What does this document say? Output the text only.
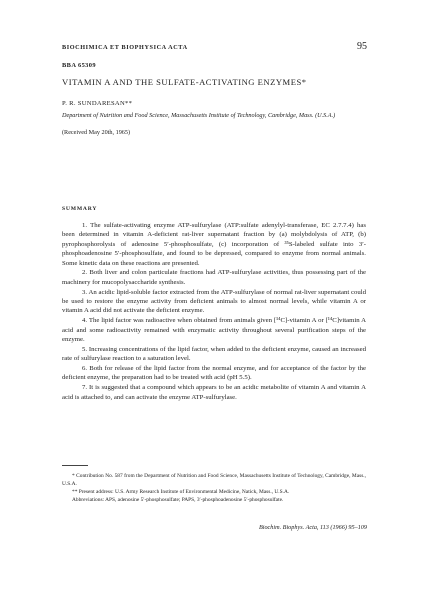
BIOCHIMICA ET BIOPHYSICA ACTA	95
BBA 65309
VITAMIN A AND THE SULFATE-ACTIVATING ENZYMES*
P. R. SUNDARESAN**
Department of Nutrition and Food Science, Massachusetts Institute of Technology, Cambridge, Mass. (U.S.A.)
(Received May 20th, 1965)
SUMMARY

1. The sulfate-activating enzyme ATP-sulfurylase (ATP:sulfate adenylyl-transferase, EC 2.7.7.4) has been determined in vitamin A-deficient rat-liver supernatant fraction by (a) molybdolysis of ATP, (b) pyrophosphorolysis of adenosine 5′-phosphosulfate, (c) incorporation of ³⁵S-labeled sulfate into 3′-phosphoadenosine 5′-phosphosulfate, and found to be depressed, compared to enzyme from normal animals. Some kinetic data on these reactions are presented.

2. Both liver and colon particulate fractions had ATP-sulfurylase activities, thus possessing part of the machinery for mucopolysaccharide synthesis.

3. An acidic lipid-soluble factor extracted from the ATP-sulfurylase of normal rat-liver supernatant could be used to restore the enzyme activity from deficient animals to almost normal levels, while vitamin A or vitamin A acid did not activate the deficient enzyme.

4. The lipid factor was radioactive when obtained from animals given [¹⁴C]-vitamin A or [¹⁴C]vitamin A acid and some radioactivity remained with enzymatic activity throughout several purification steps of the enzyme.

5. Increasing concentrations of the lipid factor, when added to the deficient enzyme, caused an increased rate of sulfurylase reaction to a saturation level.

6. Both for release of the lipid factor from the normal enzyme, and for acceptance of the factor by the deficient enzyme, the preparation had to be treated with acid (pH 5.5).

7. It is suggested that a compound which appears to be an acidic metabolite of vitamin A and vitamin A acid is attached to, and can activate the enzyme ATP-sulfurylase.

* Contribution No. 587 from the Department of Nutrition and Food Science, Massachusetts Institute of Technology, Cambridge, Mass., U.S.A.

** Present address: U.S. Army Research Institute of Environmental Medicine, Natick, Mass., U.S.A.

Abbreviations: APS, adenosine 5′-phosphosulfate; PAPS, 3′-phosphoadenosine 5′-phosphosulfate.

Biochim. Biophys. Acta, 113 (1966) 95–109
